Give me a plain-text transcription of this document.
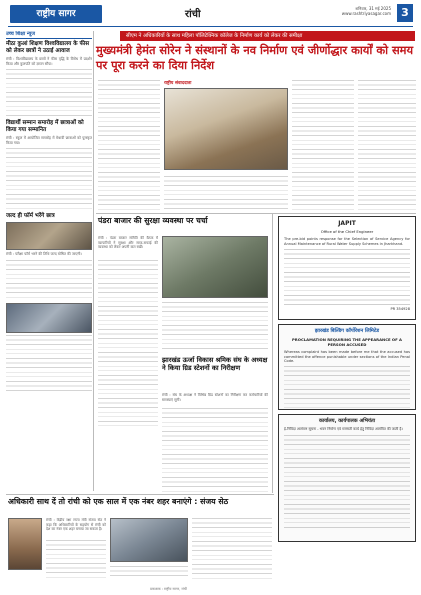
राष्ट्रीय सागर	रांची
शनिवार, 31 मई 2025
www.rashtriyasagar.com 3
उच्च शिक्षा न्यूज
मीठा कुआं शिक्षण विश्वविद्यालय के फीस को लेकर छात्रों ने उठाई आवाज
रांची : विश्वविद्यालय के छात्रों ने फीस वृद्धि के विरोध में प्रदर्शन किया और कुलपति को ज्ञापन सौंपा।
विद्यार्थी सम्मान समारोह में छात्राओं को किया गया सम्मानित
रांची : स्कूल में आयोजित समारोह में मेधावी छात्राओं को पुरस्कृत किया गया।
जल्द ही फॉर्म भरेंगे छात्र
रांची : परीक्षा फॉर्म भरने की तिथि जल्द घोषित की जाएगी।
सीएम ने अधिकारियों के साथ महिला पॉलिटेक्निक कॉलेज के निर्माण कार्य को लेकर की समीक्षा
मुख्यमंत्री हेमंत सोरेन ने संस्थानों के नव निर्माण एवं जीर्णोद्धार कार्यों को समय पर पूरा करने का दिया निर्देश
राष्ट्रीय संवाददाता
पंडरा बाजार की सुरक्षा व्यवस्था पर चर्चा
रांची : पंडरा बाजार समिति की बैठक में व्यापारियों ने सुरक्षा और साफ-सफाई की व्यवस्था को लेकर अपनी बात रखी।
झारखंड ऊर्जा विकास श्रमिक संघ के अध्यक्ष ने किया ग्रिड स्टेशनों का निरीक्षण
रांची : संघ के अध्यक्ष ने विभिन्न ग्रिड स्टेशनों का निरीक्षण कर कर्मचारियों की समस्याएं सुनीं।
JAPIT
Office of the Chief Engineer
The pre-bid points response for the Selection of Service Agency for Annual Maintenance of Rural Water Supply Schemes in Jharkhand.
PR 354928
झारखंड बिल्डिंग कॉर्पोरेशन लिमिटेड
PROCLAMATION REQUIRING THE APPEARANCE OF A PERSON ACCUSED
Whereas complaint has been made before me that the accused has committed the offence punishable under sections of the Indian Penal Code.
कार्यालय, कार्यपालक अभियंता
ई-निविदा आमंत्रण सूचना - भवन निर्माण एवं मरम्मती कार्य हेतु निविदा आमंत्रित की जाती है।
अधिकारी साथ दें तो रांची को एक साल में एक नंबर शहर बनाएंगे : संजय सेठ
रांची : केंद्रीय रक्षा राज्य मंत्री संजय सेठ ने कहा कि अधिकारियों के सहयोग से रांची को देश का नंबर एक शहर बनाया जा सकता है।
प्रकाशक : राष्ट्रीय सागर, रांची
